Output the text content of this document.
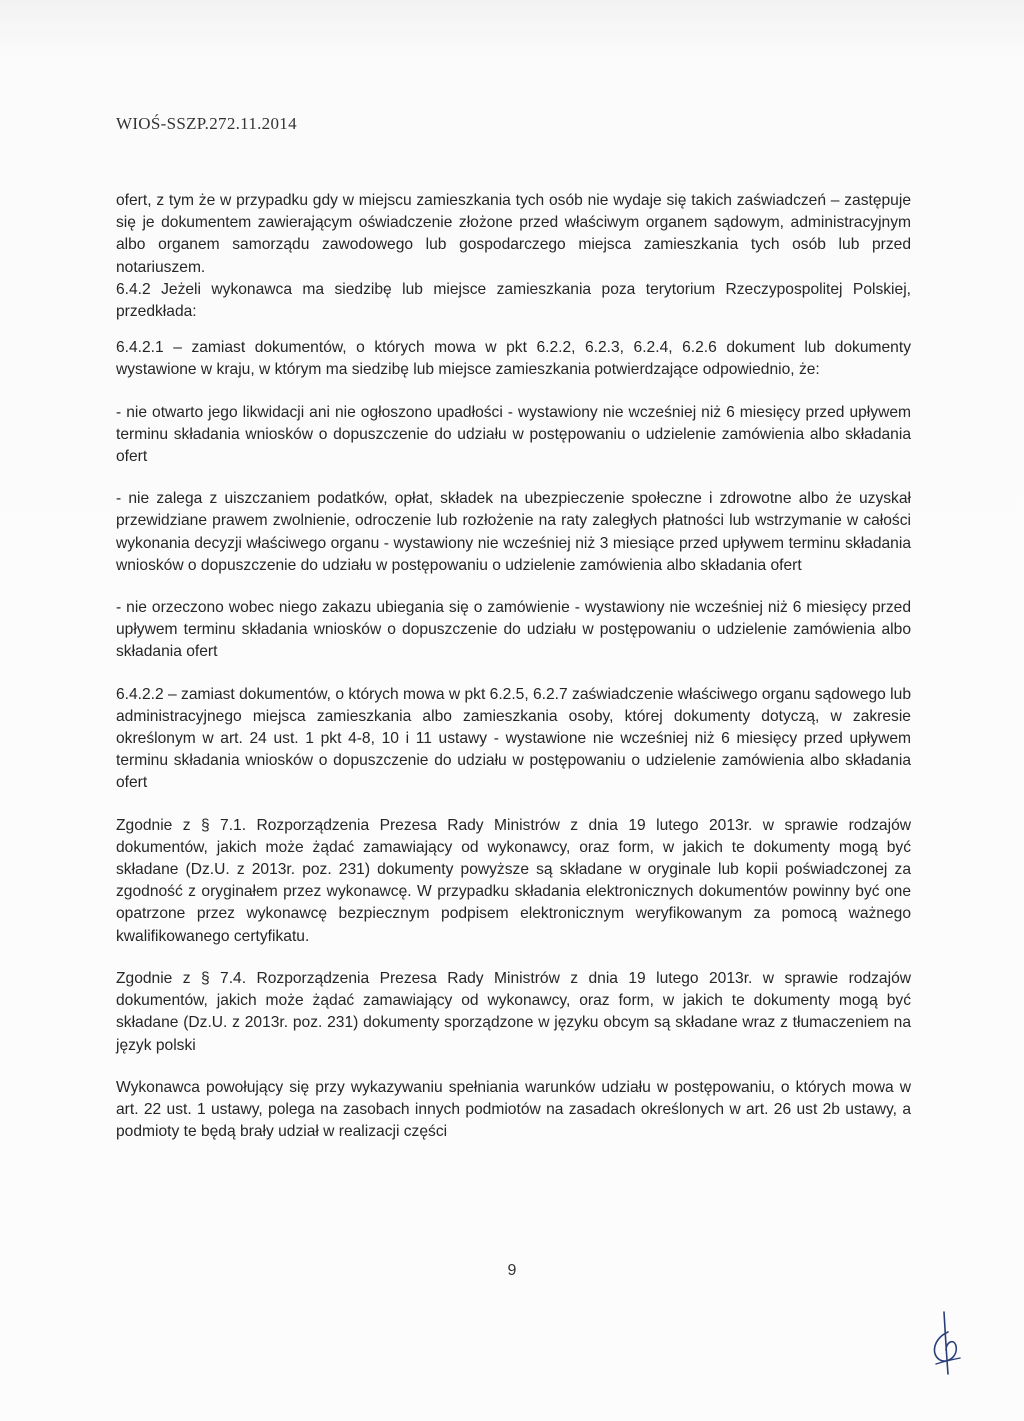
WIOŚ-SSZP.272.11.2014

ofert, z tym że w przypadku gdy w miejscu zamieszkania tych osób nie wydaje się takich zaświadczeń – zastępuje się je dokumentem zawierającym oświadczenie złożone przed właściwym organem sądowym, administracyjnym albo organem samorządu zawodowego lub gospodarczego miejsca zamieszkania tych osób lub przed notariuszem.

6.4.2 Jeżeli wykonawca ma siedzibę lub miejsce zamieszkania poza terytorium Rzeczypospolitej Polskiej, przedkłada:

6.4.2.1 – zamiast dokumentów, o których mowa w pkt 6.2.2, 6.2.3, 6.2.4, 6.2.6 dokument lub dokumenty wystawione w kraju, w którym ma siedzibę lub miejsce zamieszkania potwierdzające odpowiednio, że:

- nie otwarto jego likwidacji ani nie ogłoszono upadłości - wystawiony nie wcześniej niż 6 miesięcy przed upływem terminu składania wniosków o dopuszczenie do udziału w postępowaniu o udzielenie zamówienia albo składania ofert

- nie zalega z uiszczaniem podatków, opłat, składek na ubezpieczenie społeczne i zdrowotne albo że uzyskał przewidziane prawem zwolnienie, odroczenie lub rozłożenie na raty zaległych płatności lub wstrzymanie w całości wykonania decyzji właściwego organu - wystawiony nie wcześniej niż 3 miesiące przed upływem terminu składania wniosków o dopuszczenie do udziału w postępowaniu o udzielenie zamówienia albo składania ofert

- nie orzeczono wobec niego zakazu ubiegania się o zamówienie - wystawiony nie wcześniej niż 6 miesięcy przed upływem terminu składania wniosków o dopuszczenie do udziału w postępowaniu o udzielenie zamówienia albo składania ofert

6.4.2.2 – zamiast dokumentów, o których mowa w pkt 6.2.5, 6.2.7 zaświadczenie właściwego organu sądowego lub administracyjnego miejsca zamieszkania albo zamieszkania osoby, której dokumenty dotyczą, w zakresie określonym w art. 24 ust. 1 pkt 4-8, 10 i 11 ustawy - wystawione nie wcześniej niż 6 miesięcy przed upływem terminu składania wniosków o dopuszczenie do udziału w postępowaniu o udzielenie zamówienia albo składania ofert

Zgodnie z § 7.1. Rozporządzenia Prezesa Rady Ministrów z dnia 19 lutego 2013r. w sprawie rodzajów dokumentów, jakich może żądać zamawiający od wykonawcy, oraz form, w jakich te dokumenty mogą być składane (Dz.U. z 2013r. poz. 231) dokumenty powyższe są składane w oryginale lub kopii poświadczonej za zgodność z oryginałem przez wykonawcę. W przypadku składania elektronicznych dokumentów powinny być one opatrzone przez wykonawcę bezpiecznym podpisem elektronicznym weryfikowanym za pomocą ważnego kwalifikowanego certyfikatu.

Zgodnie z § 7.4. Rozporządzenia Prezesa Rady Ministrów z dnia 19 lutego 2013r. w sprawie rodzajów dokumentów, jakich może żądać zamawiający od wykonawcy, oraz form, w jakich te dokumenty mogą być składane (Dz.U. z 2013r. poz. 231) dokumenty sporządzone w języku obcym są składane wraz z tłumaczeniem na język polski

Wykonawca powołujący się przy wykazywaniu spełniania warunków udziału w postępowaniu, o których mowa w art. 22 ust. 1 ustawy, polega na zasobach innych podmiotów na zasadach określonych w art. 26 ust 2b ustawy, a podmioty te będą brały udział w realizacji części

9
